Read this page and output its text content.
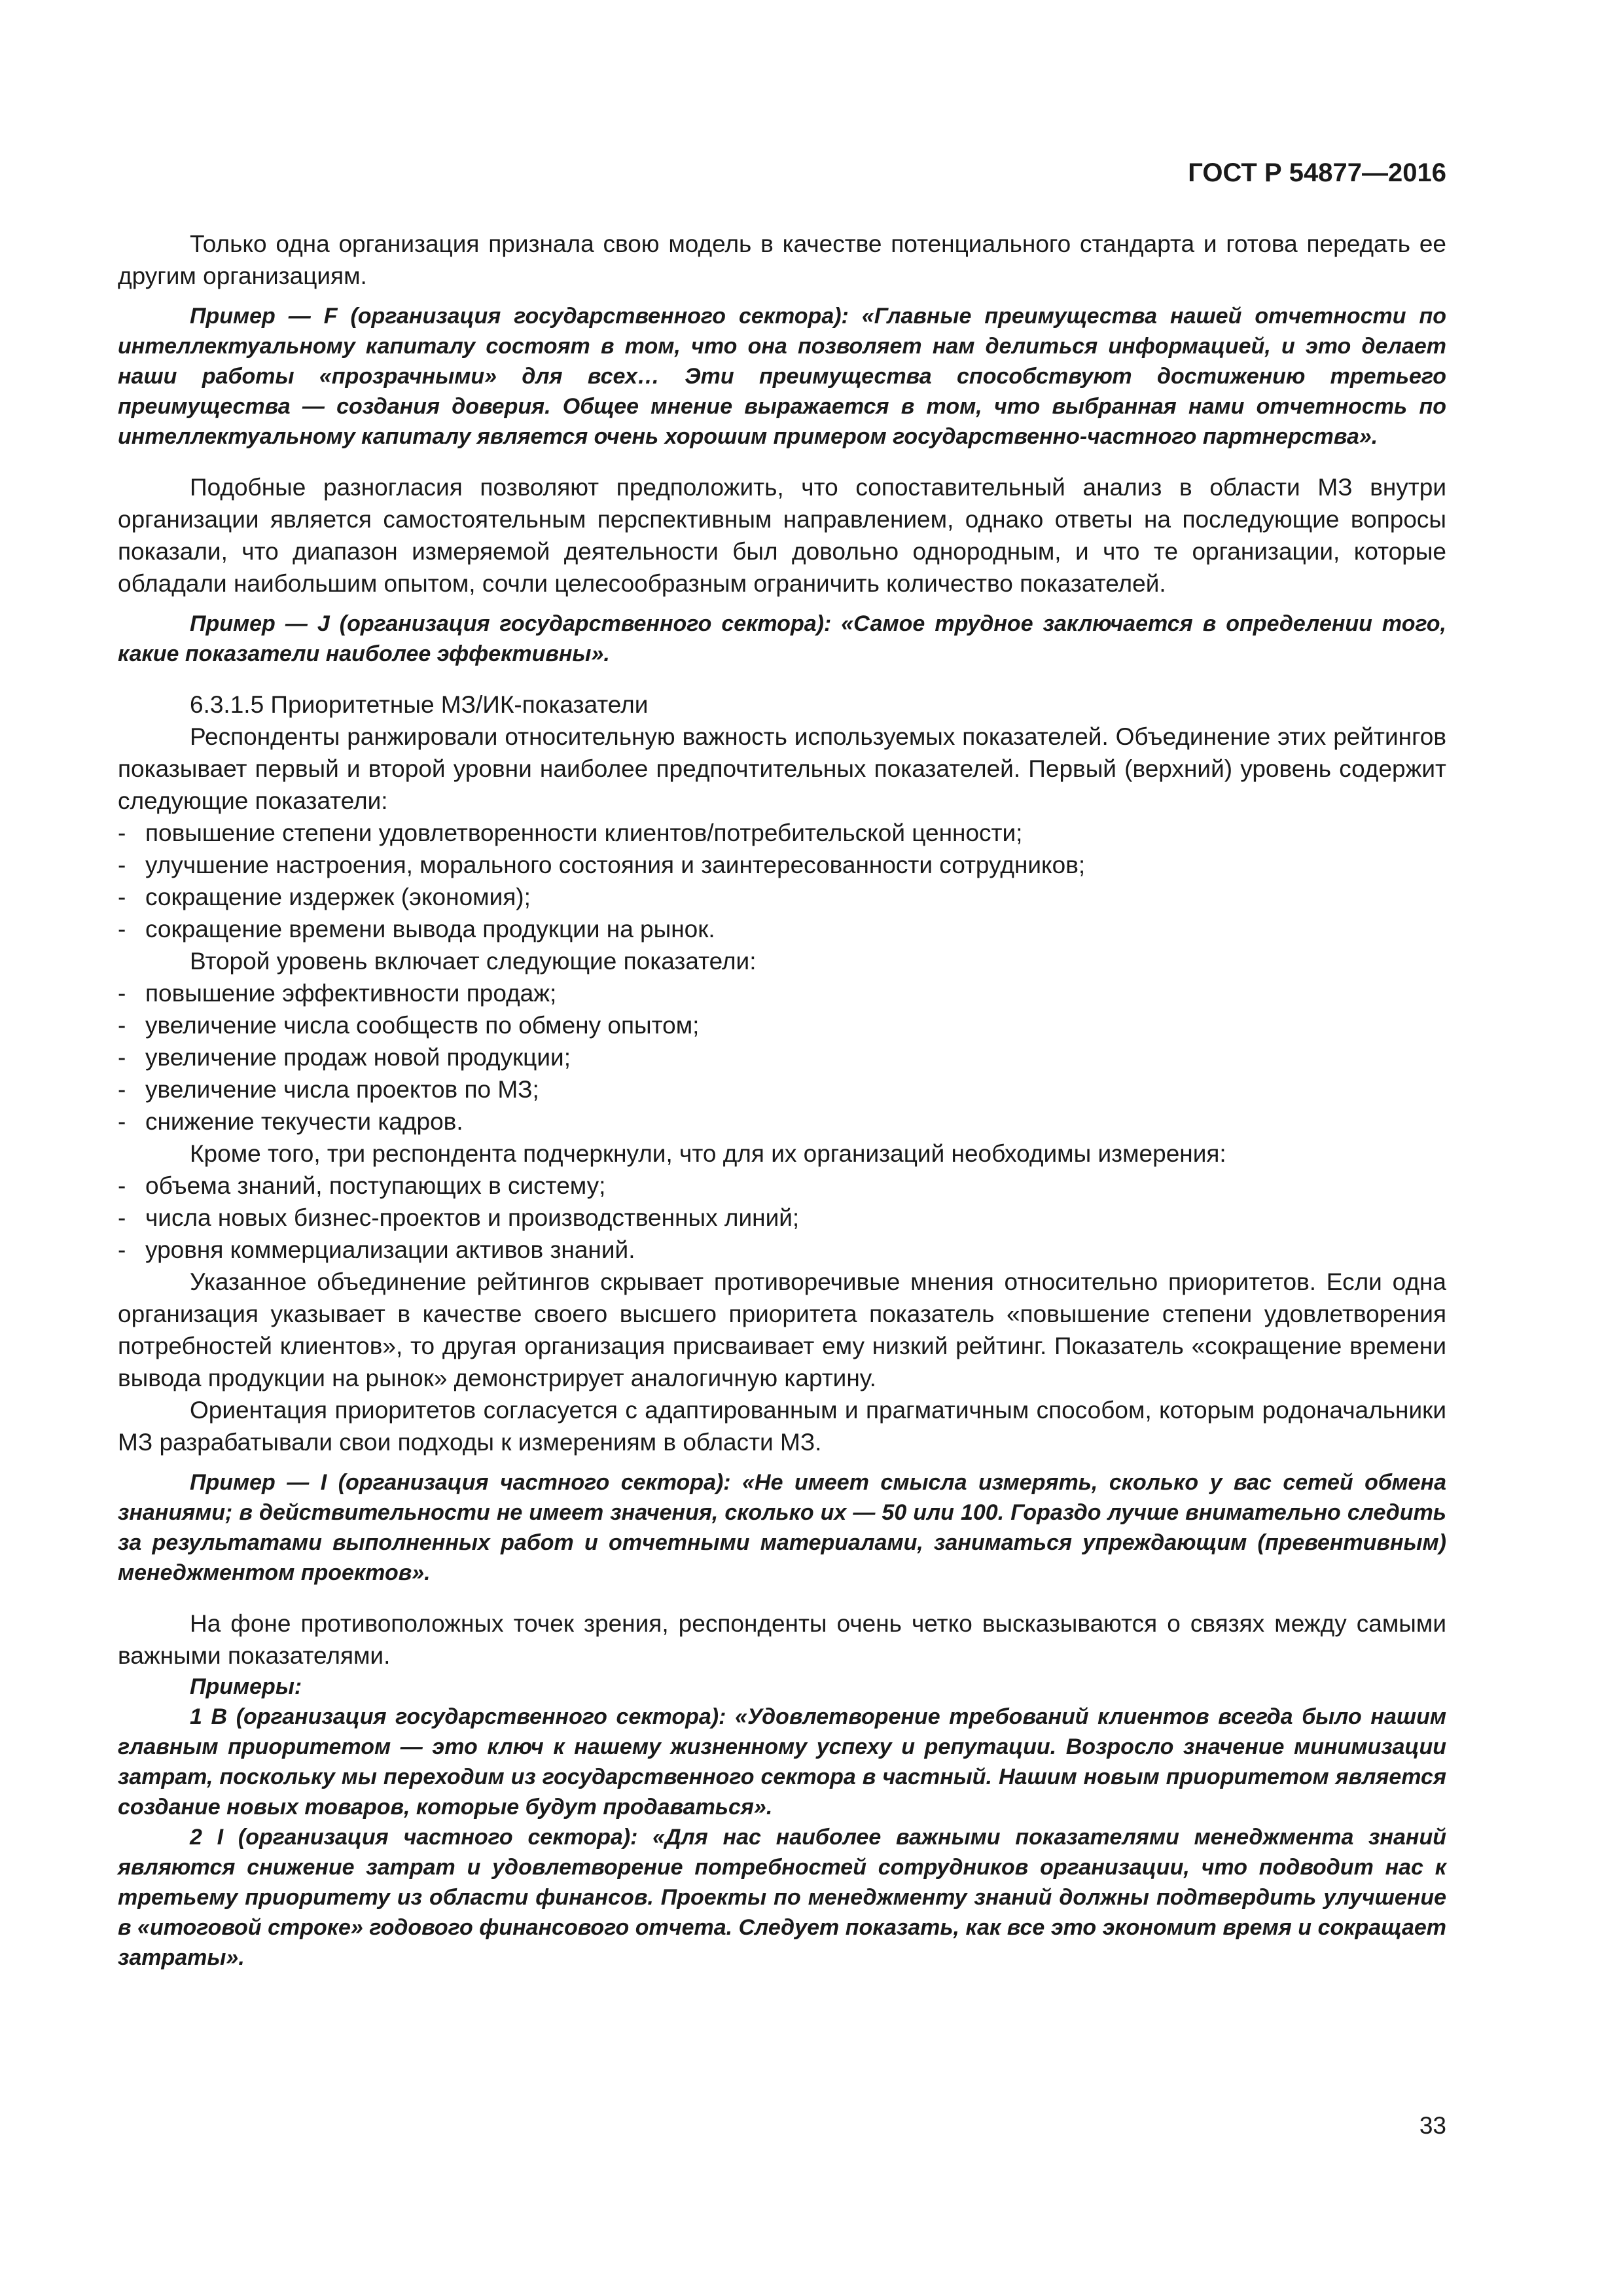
ГОСТ Р 54877—2016

Только одна организация признала свою модель в качестве потенциального стандарта и готова передать ее другим организациям.

Пример — F (организация государственного сектора): «Главные преимущества нашей отчетности по интеллектуальному капиталу состоят в том, что она позволяет нам делиться информацией, и это делает наши работы «прозрачными» для всех… Эти преимущества способствуют достижению третьего преимущества — создания доверия. Общее мнение выражается в том, что выбранная нами отчетность по интеллектуальному капиталу является очень хорошим примером государственно-частного партнерства».

Подобные разногласия позволяют предположить, что сопоставительный анализ в области МЗ внутри организации является самостоятельным перспективным направлением, однако ответы на последующие вопросы показали, что диапазон измеряемой деятельности был довольно однородным, и что те организации, которые обладали наибольшим опытом, сочли целесообразным ограничить количество показателей.

Пример — J (организация государственного сектора): «Самое трудное заключается в определении того, какие показатели наиболее эффективны».

6.3.1.5 Приоритетные МЗ/ИК-показатели

Респонденты ранжировали относительную важность используемых показателей. Объединение этих рейтингов показывает первый и второй уровни наиболее предпочтительных показателей. Первый (верхний) уровень содержит следующие показатели:

- повышение степени удовлетворенности клиентов/потребительской ценности;
- улучшение настроения, морального состояния и заинтересованности сотрудников;
- сокращение издержек (экономия);
- сокращение времени вывода продукции на рынок.

Второй уровень включает следующие показатели:

- повышение эффективности продаж;
- увеличение числа сообществ по обмену опытом;
- увеличение продаж новой продукции;
- увеличение числа проектов по МЗ;
- снижение текучести кадров.

Кроме того, три респондента подчеркнули, что для их организаций необходимы измерения:

- объема знаний, поступающих в систему;
- числа новых бизнес-проектов и производственных линий;
- уровня коммерциализации активов знаний.

Указанное объединение рейтингов скрывает противоречивые мнения относительно приоритетов. Если одна организация указывает в качестве своего высшего приоритета показатель «повышение степени удовлетворения потребностей клиентов», то другая организация присваивает ему низкий рейтинг. Показатель «сокращение времени вывода продукции на рынок» демонстрирует аналогичную картину.

Ориентация приоритетов согласуется с адаптированным и прагматичным способом, которым родоначальники МЗ разрабатывали свои подходы к измерениям в области МЗ.

Пример — I (организация частного сектора): «Не имеет смысла измерять, сколько у вас сетей обмена знаниями; в действительности не имеет значения, сколько их — 50 или 100. Гораздо лучше внимательно следить за результатами выполненных работ и отчетными материалами, заниматься упреждающим (превентивным) менеджментом проектов».

На фоне противоположных точек зрения, респонденты очень четко высказываются о связях между самыми важными показателями.

Примеры:

1 B (организация государственного сектора): «Удовлетворение требований клиентов всегда было нашим главным приоритетом — это ключ к нашему жизненному успеху и репутации. Возросло значение минимизации затрат, поскольку мы переходим из государственного сектора в частный. Нашим новым приоритетом является создание новых товаров, которые будут продаваться».

2 I (организация частного сектора): «Для нас наиболее важными показателями менеджмента знаний являются снижение затрат и удовлетворение потребностей сотрудников организации, что подводит нас к третьему приоритету из области финансов. Проекты по менеджменту знаний должны подтвердить улучшение в «итоговой строке» годового финансового отчета. Следует показать, как все это экономит время и сокращает затраты».

33
